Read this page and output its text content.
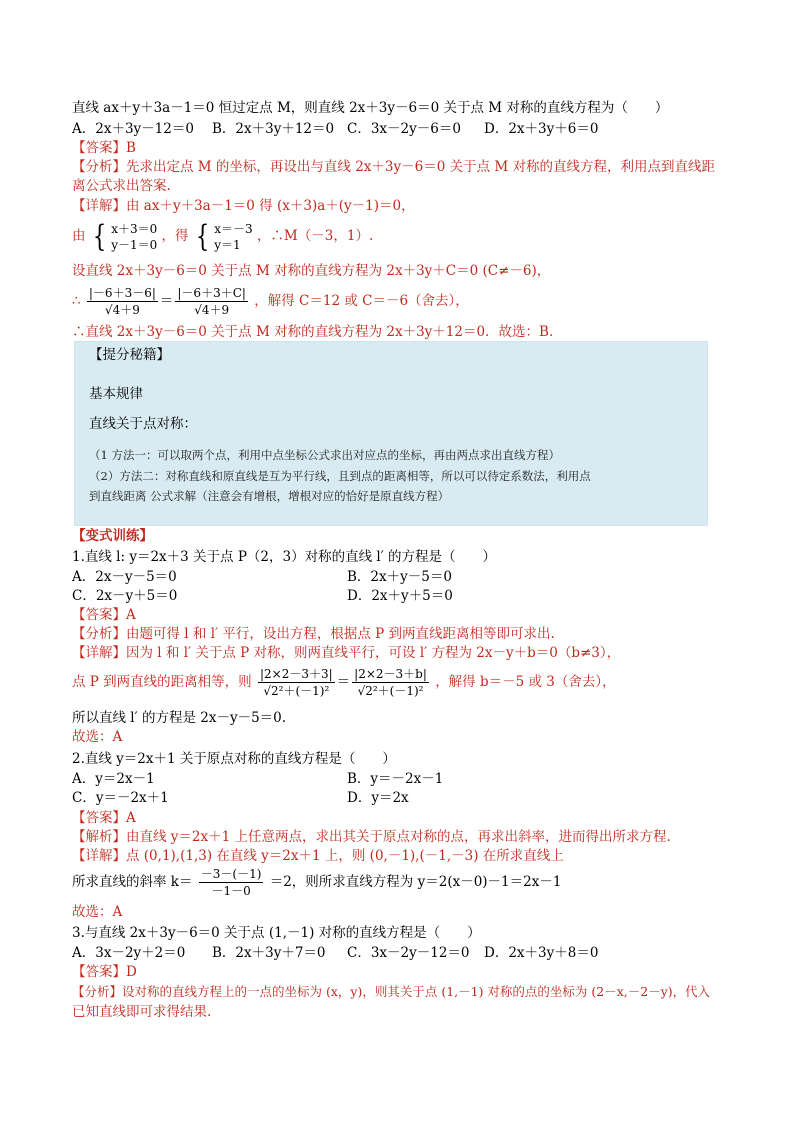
直线 ax＋y＋3a－1＝0 恒过定点 M，则直线 2x＋3y－6＝0 关于点 M 对称的直线方程为（　　）
A．2x＋3y－12＝0 B．2x＋3y＋12＝0 C．3x－2y－6＝0 D．2x＋3y＋6＝0
【答案】B
【分析】先求出定点 M 的坐标，再设出与直线 2x＋3y－6＝0 关于点 M 对称的直线方程，利用点到直线距
离公式求出答案.
【详解】由 ax＋y＋3a－1＝0 得 (x＋3)a＋(y－1)＝0，
由 { x＋3＝0
y－1＝0
，得 { x＝－3
y＝1
，∴M（－3，1）.
设直线 2x＋3y－6＝0 关于点 M 对称的直线方程为 2x＋3y＋C＝0 (C≠－6)，
∴ $\frac{|-6+3-6|}{√4+9} = \frac{|-6+3+C|}{√4+9}$ ，解得 C＝12 或 C＝－6（舍去），
∴直线 2x＋3y－6＝0 关于点 M 对称的直线方程为 2x＋3y＋12＝0．故选：B．
【提分秘籍】
基本规律
直线关于点对称：
（1 方法一：可以取两个点，利用中点坐标公式求出对应点的坐标，再由两点求出直线方程）
（2）方法二：对称直线和原直线是互为平行线，且到点的距离相等，所以可以待定系数法，利用点
到直线距离 公式求解（注意会有增根，增根对应的恰好是原直线方程）
【变式训练】
1.直线 l: y＝2x＋3 关于点 P（2，3）对称的直线 l′ 的方程是（　　）
A．2x－y－5＝0	B．2x＋y－5＝0
C．2x－y＋5＝0	D．2x＋y＋5＝0
【答案】A
【分析】由题可得 l 和 l′ 平行，设出方程，根据点 P 到两直线距离相等即可求出.
【详解】因为 l 和 l′ 关于点 P 对称，则两直线平行，可设 l′ 方程为 2x－y＋b＝0（b≠3），
点 P 到两直线的距离相等，则 $\frac{|2\times 2-3+3|}{\text{√2²＋(－1)²}} = \frac{|2\times 2-3+b|}{\text{√2²＋(－1)²}}$ ，解得 b＝－5 或 3（舍去），
所以直线 l′ 的方程是 2x－y－5＝0.
故选：A
2.直线 y＝2x＋1 关于原点对称的直线方程是（　　）
A．y＝2x－1	B．y＝－2x－1
C．y＝－2x＋1	D．y＝2x
【答案】A
【解析】由直线 y＝2x＋1 上任意两点，求出其关于原点对称的点，再求出斜率，进而得出所求方程.
【详解】点 (0,1),(1,3) 在直线 y＝2x＋1 上，则 (0,－1),(－1,－3) 在所求直线上
所求直线的斜率 $k= \frac{-3-(-1)}{-1-0} =2$，则所求直线方程为 y＝2(x－0)－1＝2x－1
故选：A
3.与直线 2x＋3y－6＝0 关于点 (1,－1) 对称的直线方程是（　　）
A．3x－2y＋2＝0 B．2x＋3y＋7＝0 C．3x－2y－12＝0 D．2x＋3y＋8＝0
【答案】D
【分析】设对称的直线方程上的一点的坐标为 (x，y)，则其关于点 (1,－1) 对称的点的坐标为 (2－x,－2－y)，代入
已知直线即可求得结果.
